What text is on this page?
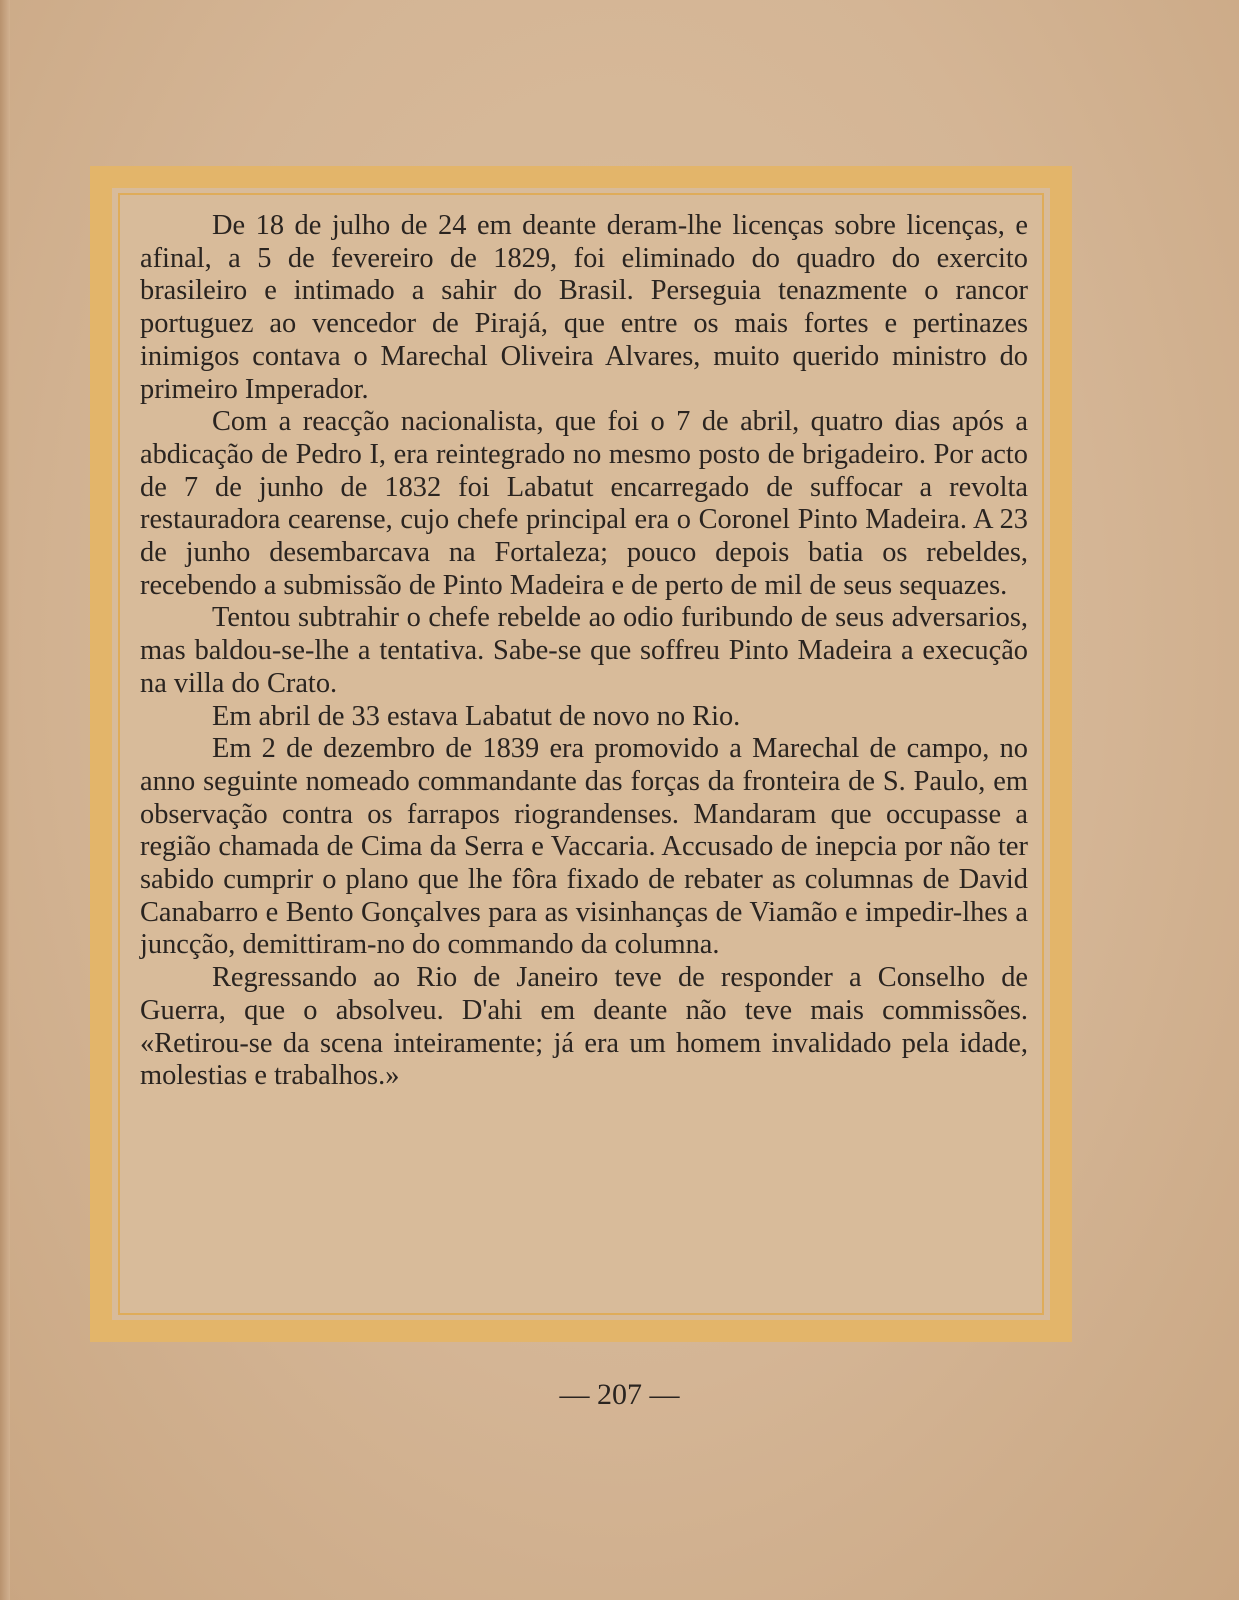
De 18 de julho de 24 em deante deram-lhe licenças sobre licenças, e afinal, a 5 de fevereiro de 1829, foi eliminado do quadro do exercito brasileiro e intimado a sahir do Brasil. Perseguia tenazmente o rancor portuguez ao vencedor de Pirajá, que entre os mais fortes e pertinazes inimigos contava o Marechal Oliveira Alvares, muito querido ministro do primeiro Imperador.

Com a reacção nacionalista, que foi o 7 de abril, quatro dias após a abdicação de Pedro I, era reintegrado no mesmo posto de brigadeiro. Por acto de 7 de junho de 1832 foi Labatut encarregado de suffocar a revolta restauradora cearense, cujo chefe principal era o Coronel Pinto Madeira. A 23 de junho desembarcava na Fortaleza; pouco depois batia os rebeldes, recebendo a submissão de Pinto Madeira e de perto de mil de seus sequazes.

Tentou subtrahir o chefe rebelde ao odio furibundo de seus adversarios, mas baldou-se-lhe a tentativa. Sabe-se que soffreu Pinto Madeira a execução na villa do Crato.

Em abril de 33 estava Labatut de novo no Rio.

Em 2 de dezembro de 1839 era promovido a Marechal de campo, no anno seguinte nomeado commandante das forças da fronteira de S. Paulo, em observação contra os farrapos riograndenses. Mandaram que occupasse a região chamada de Cima da Serra e Vaccaria. Accusado de inepcia por não ter sabido cumprir o plano que lhe fôra fixado de rebater as columnas de David Canabarro e Bento Gonçalves para as visinhanças de Viamão e impedir-lhes a juncção, demittiram-no do commando da columna.

Regressando ao Rio de Janeiro teve de responder a Conselho de Guerra, que o absolveu. D'ahi em deante não teve mais commissões. «Retirou-se da scena inteiramente; já era um homem invalidado pela idade, molestias e trabalhos.»

— 207 —
